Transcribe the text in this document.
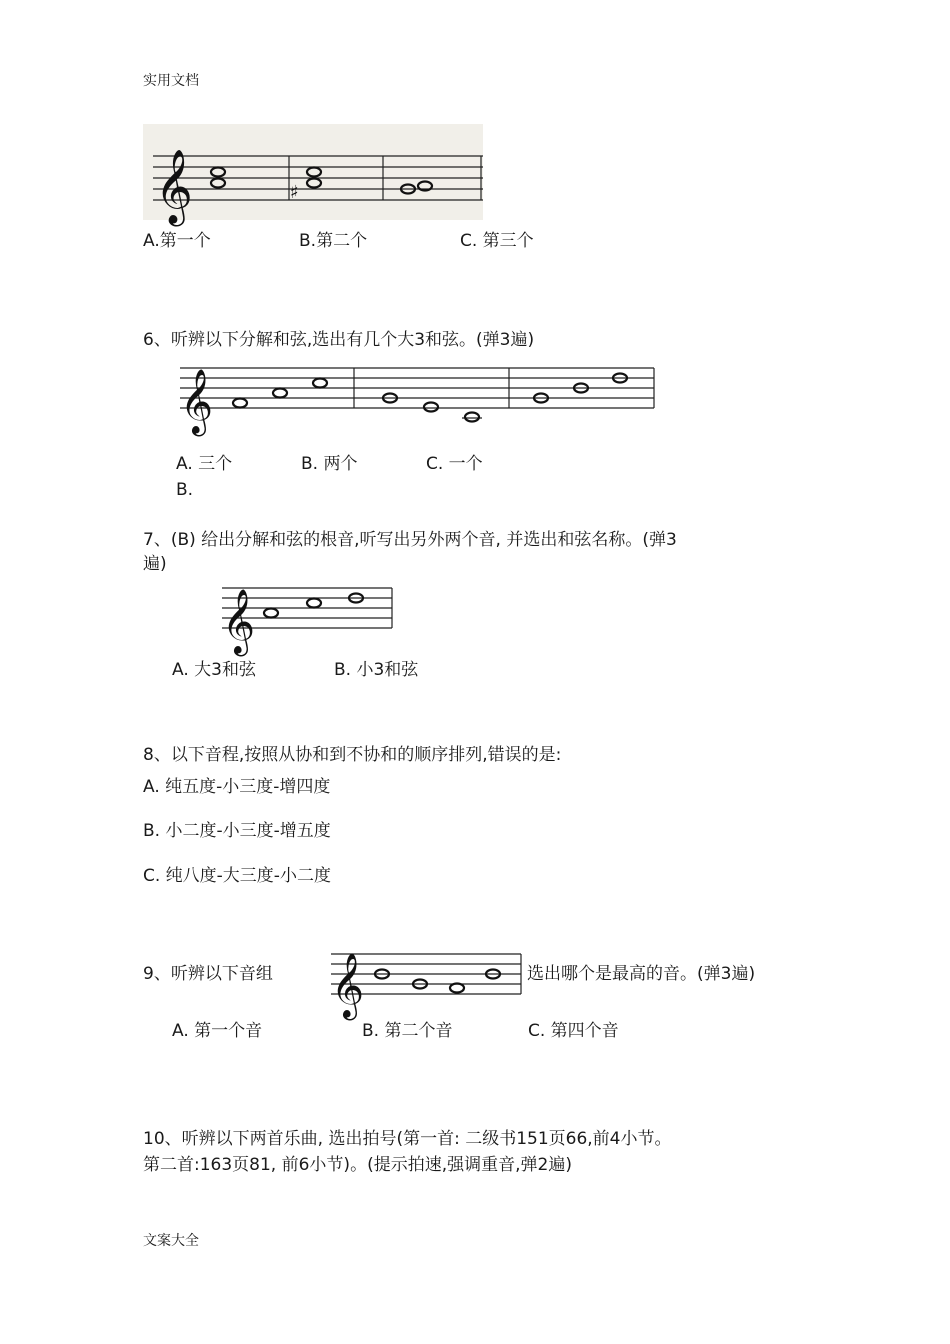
实用文档
𝄞	♯
A.第一个	B.第二个	C. 第三个
6、听辨以下分解和弦,选出有几个大3和弦。(弹3遍)
𝄞
A. 三个	B. 两个	C. 一个
B.
7、(B) 给出分解和弦的根音,听写出另外两个音, 并选出和弦名称。(弹3
遍)
𝄞
A. 大3和弦	B. 小3和弦
8、以下音程,按照从协和到不协和的顺序排列,错误的是:
A. 纯五度-小三度-增四度
B. 小二度-小三度-增五度
C. 纯八度-大三度-小二度
9、听辨以下音组 𝄞	选出哪个是最高的音。(弹3遍)
A. 第一个音	B. 第二个音	C. 第四个音
10、听辨以下两首乐曲, 选出拍号(第一首: 二级书151页66,前4小节。
第二首:163页81, 前6小节)。(提示拍速,强调重音,弹2遍)
文案大全
